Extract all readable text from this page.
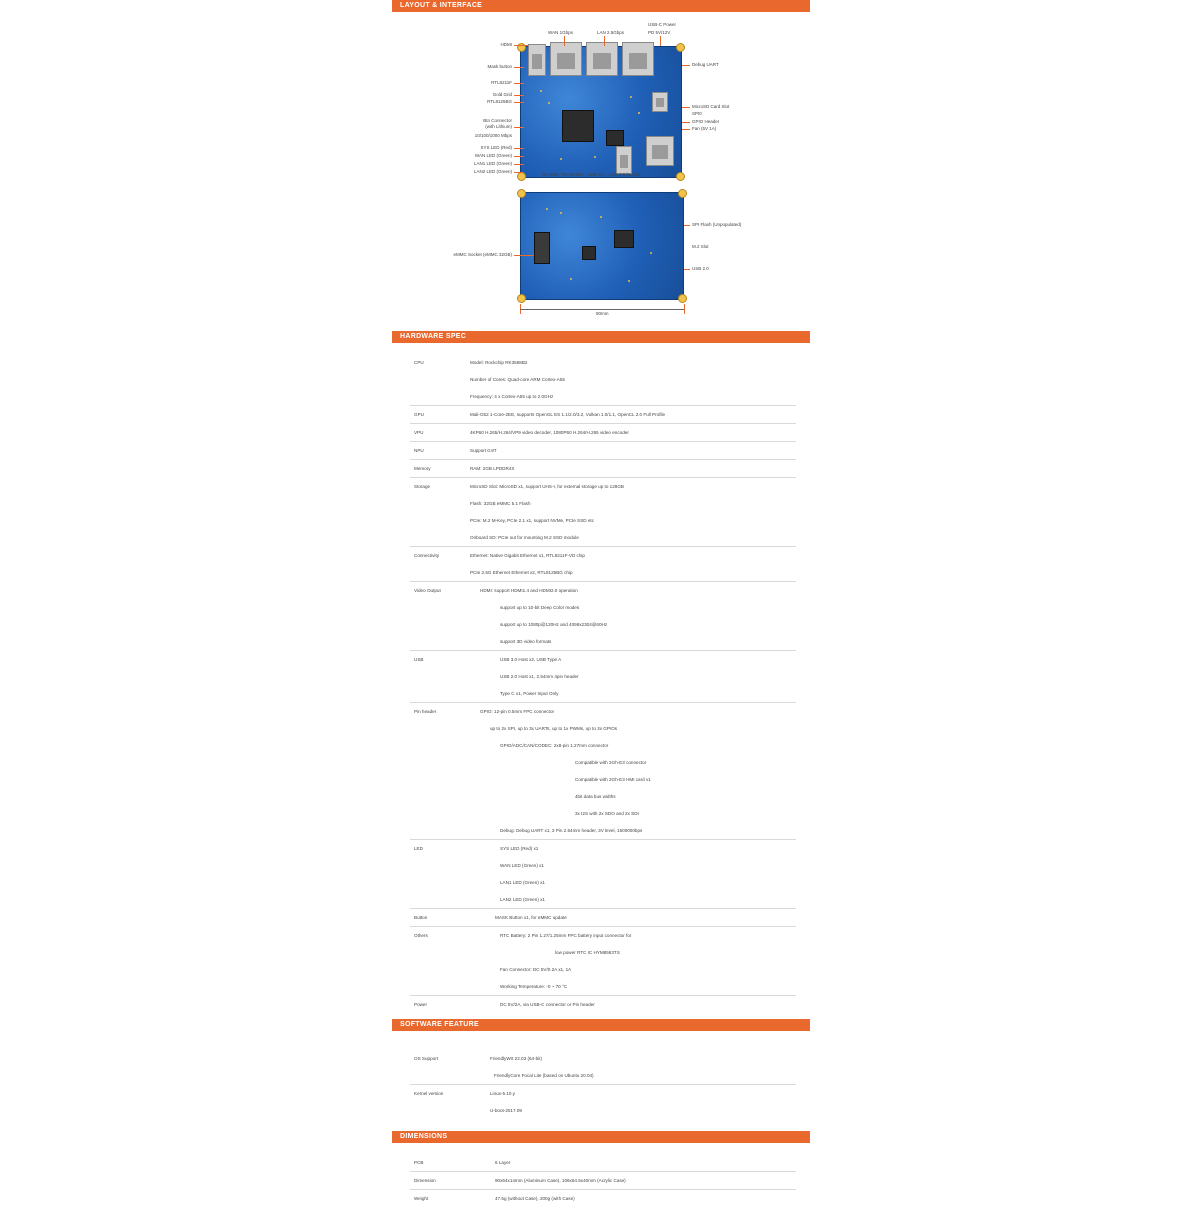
LAYOUT & INTERFACE
HDMI
Mask button
RTL8211F
Gold Grid
RTL8125BG
Btn Connector
(with Lithium)
10/100/1000 Mbps
SYS LED (Red)
WAN LED (Green)
LAN1 LED (Green)
LAN2 LED (Green)
WAN 1Gbps	LAN 2.5Gbps
USB-C Power
PD 5V/12V
Debug UART
MicroSD Card Slot
SPI0
GPIO Header
Fan (5V 1A)
RK3568 / RK3568B2 · USB 3.0 · USB 2.0 header
eMMC Socket (eMMC 32GB)
SPI Flash (Unpopulated)
M.2 Slot
USB 2.0
90mm
HARDWARE SPEC
CPU	Model: Rockchip RK3568B2
Number of Cores: Quad-core ARM Cortex-A55
Frequency: 4 x Cortex-A55 up to 2.0GHz
GPU	Mali-G52 1-Core-2EE, supports OpenGL ES 1.1/2.0/3.2, Vulkan 1.0/1.1, OpenCL 2.0 Full Profile
VPU	4KP60 H.265/H.264/VP9 video decoder, 1080P60 H.264/H.265 video encoder
NPU	Support 0.8T
Memory	RAM: 2GB LPDDR4X
Storage	MicroSD Slot: MicroSD x1, support UHS-I, for external storage up to 128GB
Flash: 32GB eMMC 5.1 Flash
PCIe: M.2 M-Key, PCIe 2.1 x1, support NVMe, PCIe SSD etc
Onboard SD: PCIe out for mounting M.2 SSD module
Connectivity	Ethernet: Native Gigabit Ethernet x1, RTL8211F-VD chip
PCIe 2.5G Ethernet Ethernet x2, RTL8125BG chip
Video Output	HDMI: support HDMI1.4 and HDMI2.0 operation
support up to 10-bit Deep Color modes
support up to 1080p@120Hz and 4096x2304@60Hz
support 3D video formats
USB	USB 3.0 Host x2, USB Type A
USB 2.0 Host x1, 2.54mm 4pin header
Type C x1, Power Input Only
Pin header	GPIO: 12-pin 0.5mm FPC connector
up to 2x SPI, up to 3x UARTs, up to 1x PWMs, up to 3x GPIOs
GPIO/ADC/CAN/CODEC: 2x8-pin 1.27mm connector
Compatible with 2Gh-E3 connector
Compatible with 2Gh-E3 HMI card v1
4bit data bus widths
3x I2S with 2x SDO and 2x SDI
Debug: Debug UART x1, 3 Pin 2.54mm header, 3V level, 1500000bps
LED	SYS LED (Red) x1
WAN LED (Green) x1
LAN1 LED (Green) x1
LAN2 LED (Green) x1
Button	MASK Button x1, for eMMC update
Others	RTC Battery: 2 Pin 1.27/1.25mm FPC battery input connector for
low power RTC IC HYM8563TS
Fan Connector: DC 5V/0.2A x1, 1A
Working Temperature: -0 ~ 70 °C
Power	DC 5V/2A, via USB-C connector or Pin header
SOFTWARE FEATURE
OS Support	FriendlyWrt 22.03 (64-bit)
FriendlyCore Focal Lite (based on Ubuntu 20.04)
Kernel version	Linux-5.10.y
U-boot-2017.09
DIMENSIONS
PCB	6 Layer
Dimension	90x64x14mm (Aluminum Case), 106x64.5x40mm (Acrylic Case)
Weight	47.5g (without Case), 200g (with Case)
